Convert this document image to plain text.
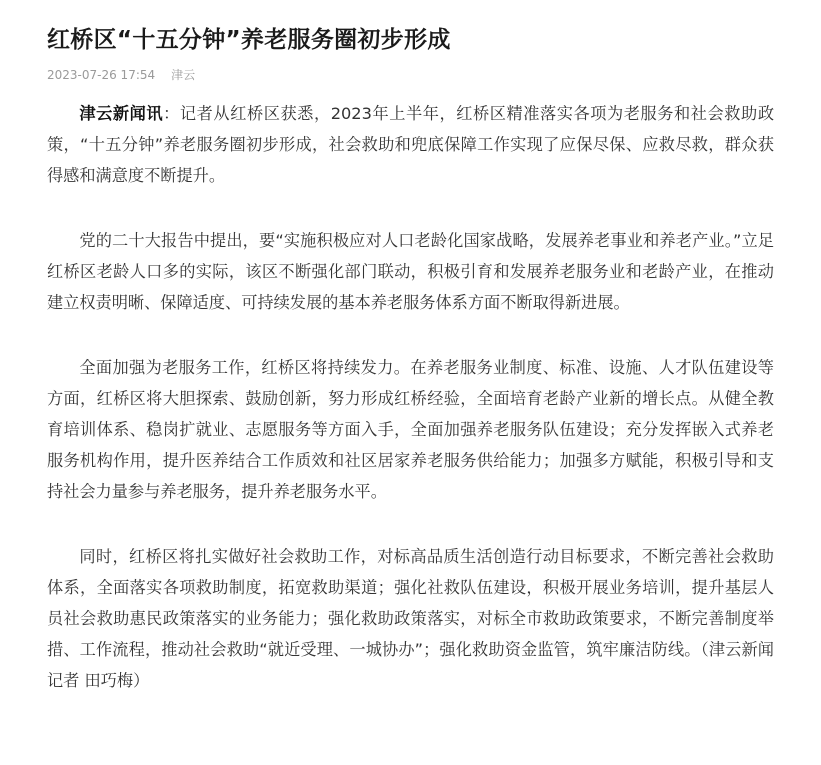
红桥区“十五分钟”养老服务圈初步形成
2023-07-26 17:54 津云

津云新闻讯：记者从红桥区获悉，2023年上半年，红桥区精准落实各项为老服务和社会救助政策，“十五分钟”养老服务圈初步形成，社会救助和兜底保障工作实现了应保尽保、应救尽救，群众获得感和满意度不断提升。

党的二十大报告中提出，要“实施积极应对人口老龄化国家战略，发展养老事业和养老产业。”立足红桥区老龄人口多的实际，该区不断强化部门联动，积极引育和发展养老服务业和老龄产业，在推动建立权责明晰、保障适度、可持续发展的基本养老服务体系方面不断取得新进展。

全面加强为老服务工作，红桥区将持续发力。在养老服务业制度、标准、设施、人才队伍建设等方面，红桥区将大胆探索、鼓励创新，努力形成红桥经验，全面培育老龄产业新的增长点。从健全教育培训体系、稳岗扩就业、志愿服务等方面入手，全面加强养老服务队伍建设；充分发挥嵌入式养老服务机构作用，提升医养结合工作质效和社区居家养老服务供给能力；加强多方赋能，积极引导和支持社会力量参与养老服务，提升养老服务水平。

同时，红桥区将扎实做好社会救助工作，对标高品质生活创造行动目标要求，不断完善社会救助体系，全面落实各项救助制度，拓宽救助渠道；强化社救队伍建设，积极开展业务培训，提升基层人员社会救助惠民政策落实的业务能力；强化救助政策落实，对标全市救助政策要求，不断完善制度举措、工作流程，推动社会救助“就近受理、一城协办”；强化救助资金监管，筑牢廉洁防线。（津云新闻记者 田巧梅）
